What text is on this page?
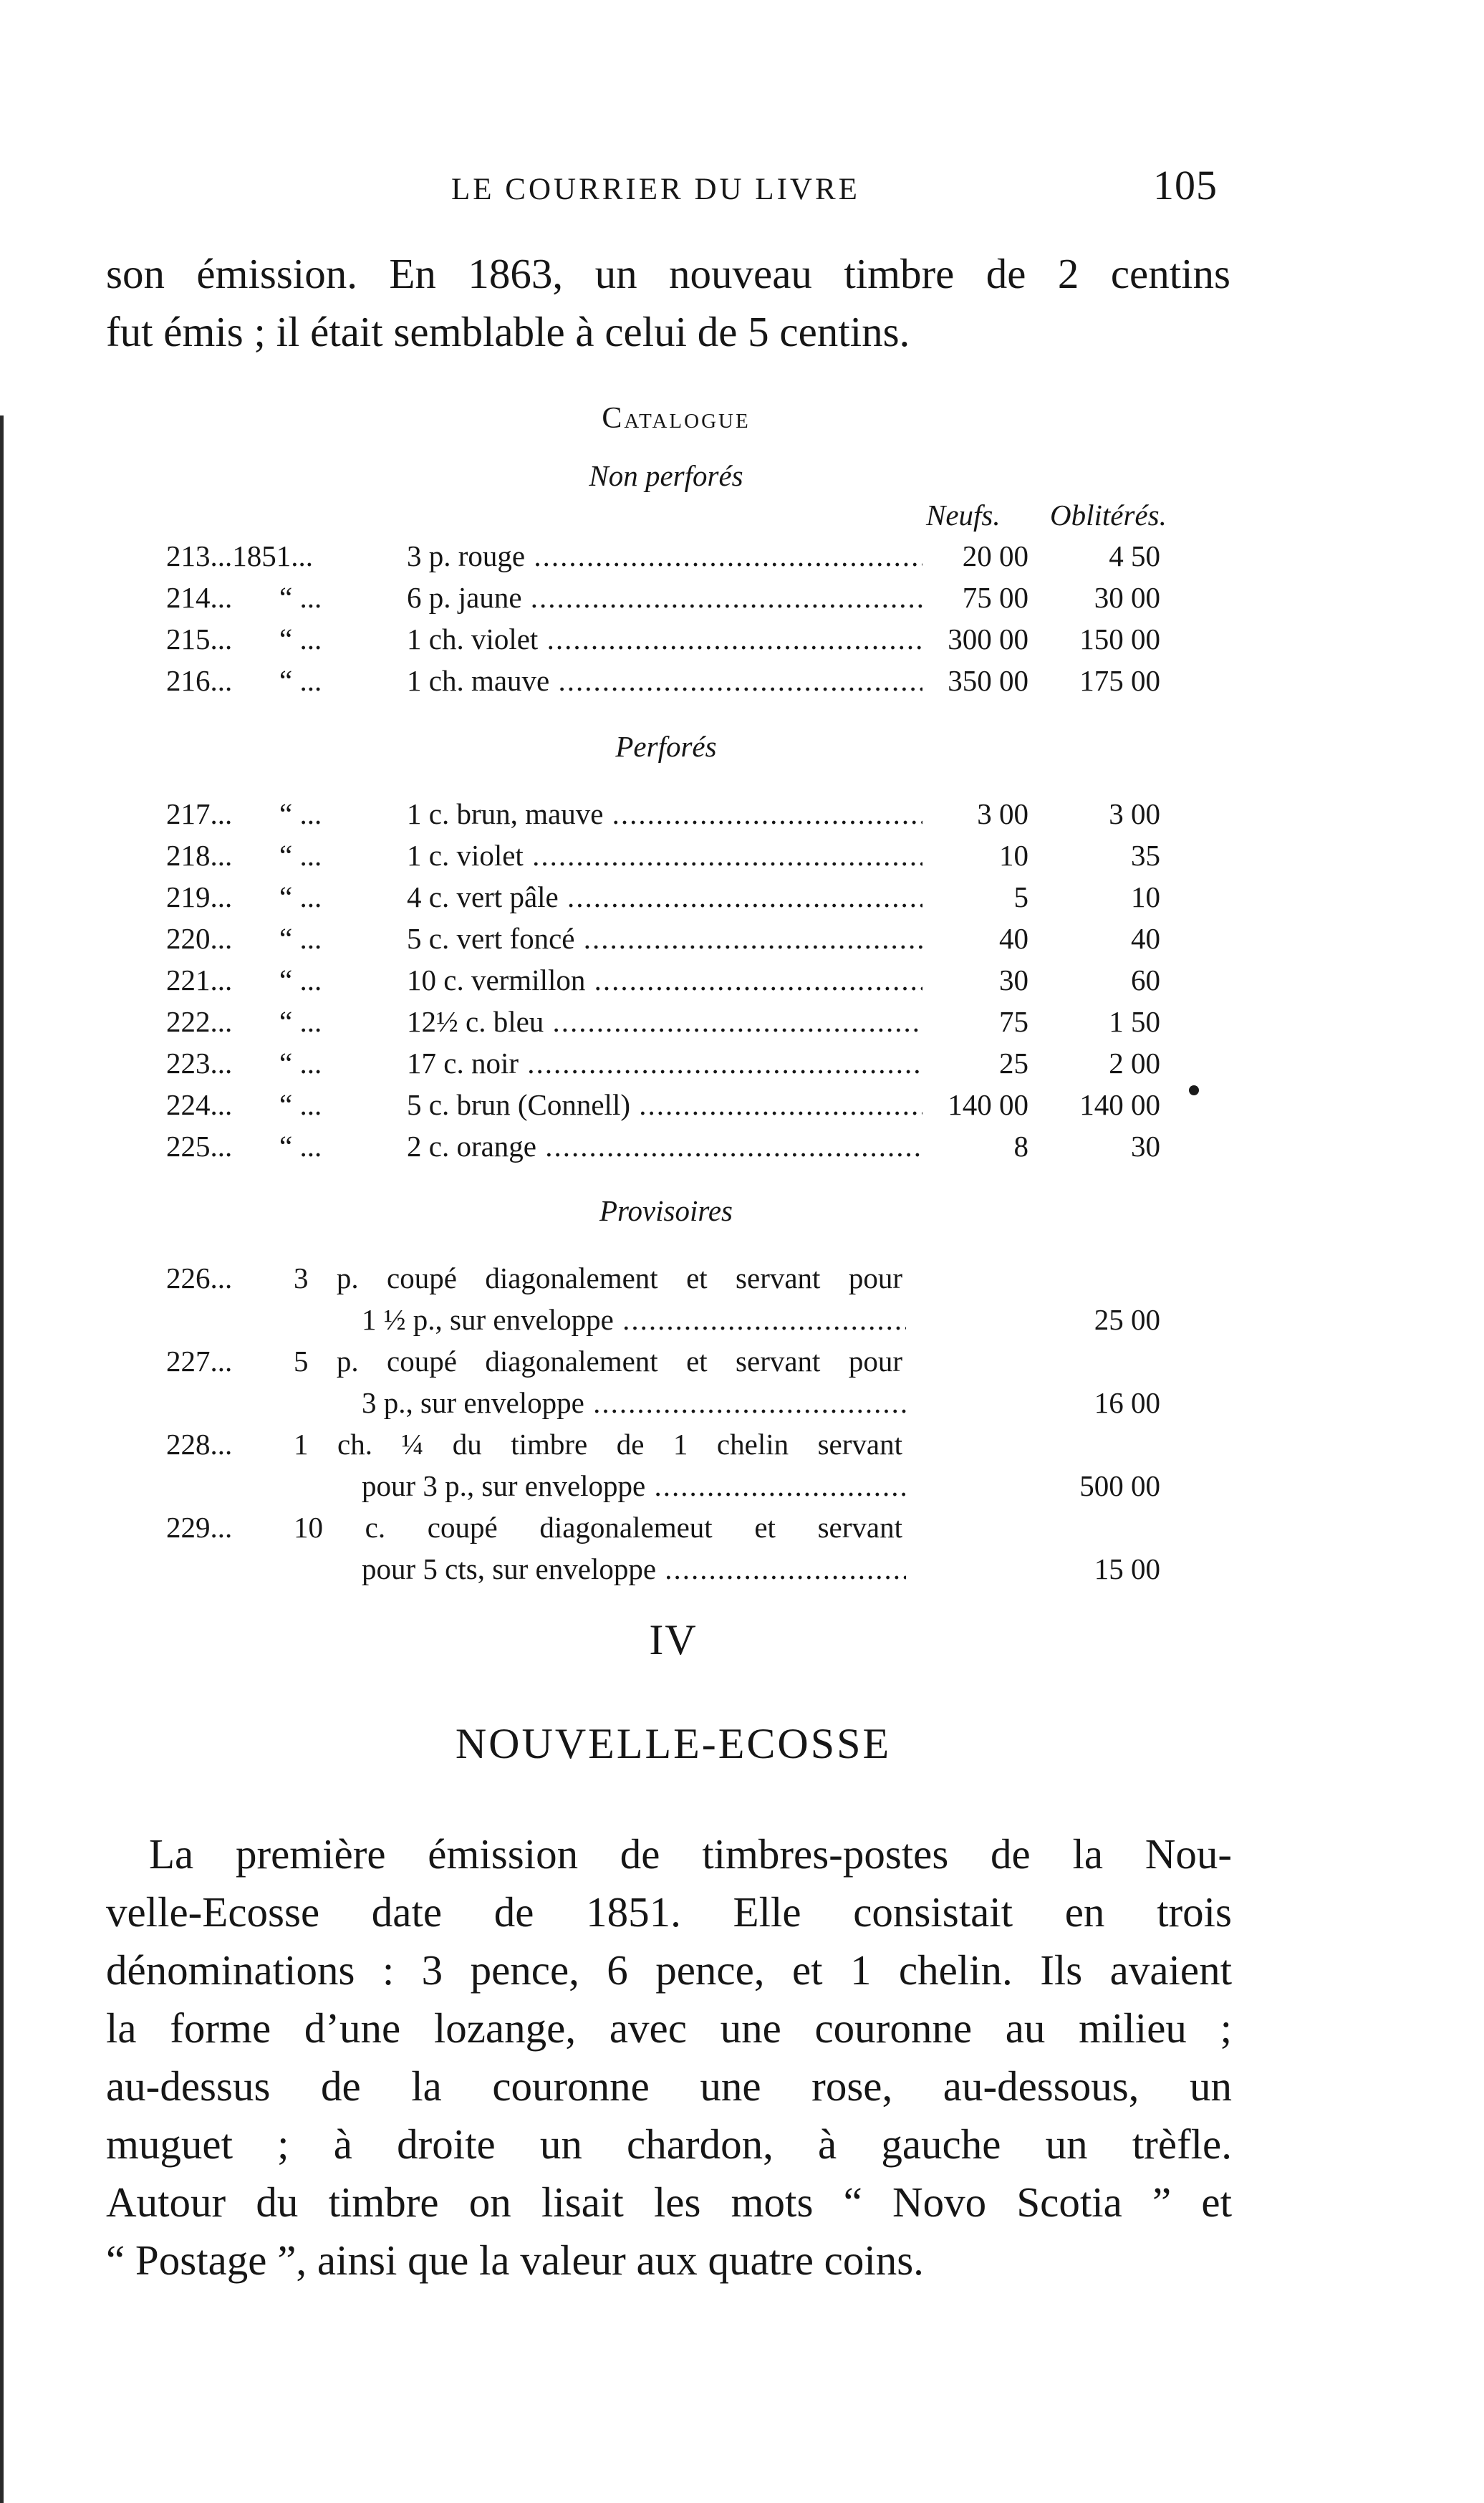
LE COURRIER DU LIVRE	105
son émission. En 1863, un nouveau timbre de 2 centins
fut émis ; il était semblable à celui de 5 centins.
Catalogue
Non perforés
Neufs. Oblitérés.
213...1851...	3 p. rouge .....	20 00	4 50
214... “ ...	6 p. jaune .....	75 00	30 00
215... “ ...	1 ch. violet .....	300 00	150 00
216... “ ...	1 ch. mauve .....	350 00	175 00
Perforés
217... “ ...	1 c. brun, mauve .....	3 00	3 00
218... “ ...	1 c. violet .....	10	35
219... “ ...	4 c. vert pâle .....	5	10
220... “ ...	5 c. vert foncé .....	40	40
221... “ ...	10 c. vermillon .....	30	60
222... “ ...	12½ c. bleu .....	75	1 50
223... “ ...	17 c. noir .....	25	2 00
224... “ ...	5 c. brun (Connell) .....	140 00	140 00
225... “ ...	2 c. orange .....	8	30
Provisoires
226... 3 p. coupé diagonalement et servant pour
1 ½ p., sur enveloppe .....	25 00
227... 5 p. coupé diagonalement et servant pour
3 p., sur enveloppe .....	16 00
228... 1 ch. ¼ du timbre de 1 chelin servant
pour 3 p., sur enveloppe .....	500 00
229... 10 c. coupé diagonalemeut et servant
pour 5 cts, sur enveloppe .....	15 00
IV
NOUVELLE-ECOSSE
La première émission de timbres-postes de la Nou-
velle-Ecosse date de 1851. Elle consistait en trois
dénominations : 3 pence, 6 pence, et 1 chelin. Ils avaient
la forme d’une lozange, avec une couronne au milieu ;
au-dessus de la couronne une rose, au-dessous, un
muguet ; à droite un chardon, à gauche un trèfle.
Autour du timbre on lisait les mots “ Novo Scotia ” et
“ Postage ”, ainsi que la valeur aux quatre coins.
